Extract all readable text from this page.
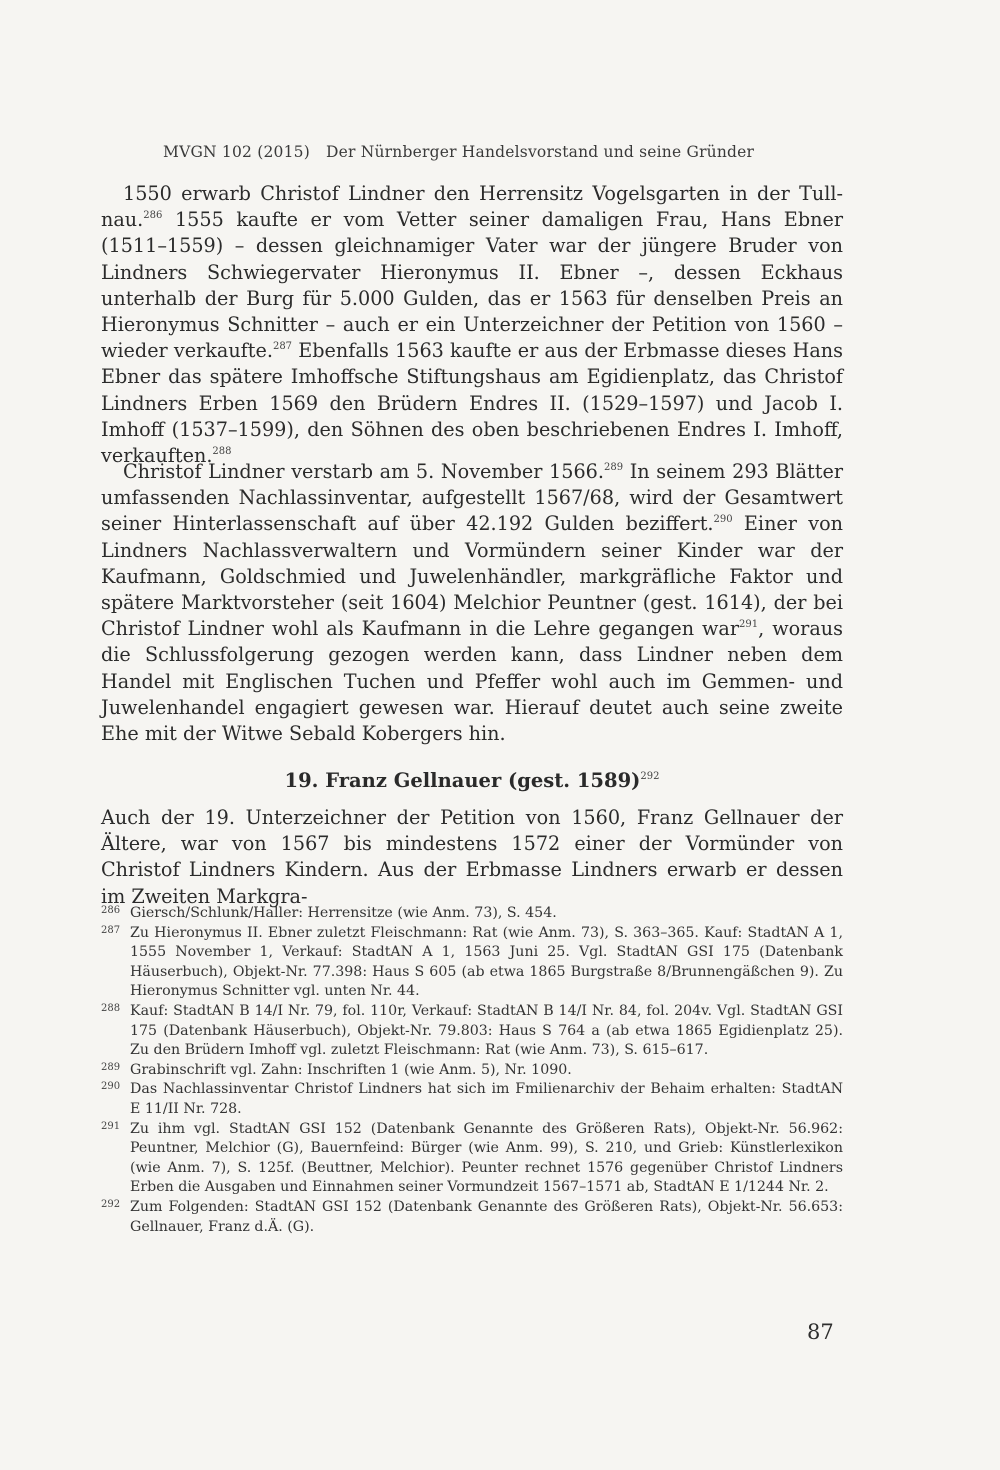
MVGN 102 (2015) Der Nürnberger Handelsvorstand und seine Gründer

1550 erwarb Christof Lindner den Herrensitz Vogelsgarten in der Tullnau.$^{286}$ 1555 kaufte er vom Vetter seiner damaligen Frau, Hans Ebner (1511–1559) – dessen gleichnamiger Vater war der jüngere Bruder von Lindners Schwiegervater Hieronymus II. Ebner –, dessen Eckhaus unterhalb der Burg für 5.000 Gulden, das er 1563 für denselben Preis an Hieronymus Schnitter – auch er ein Unterzeichner der Petition von 1560 – wieder verkaufte.$^{287}$ Ebenfalls 1563 kaufte er aus der Erbmasse dieses Hans Ebner das spätere Imhoffsche Stiftungshaus am Egidienplatz, das Christof Lindners Erben 1569 den Brüdern Endres II. (1529–1597) und Jacob I. Imhoff (1537–1599), den Söhnen des oben beschriebenen Endres I. Imhoff, verkauften.$^{288}$

Christof Lindner verstarb am 5. November 1566.$^{289}$ In seinem 293 Blätter umfassenden Nachlassinventar, aufgestellt 1567/68, wird der Gesamtwert seiner Hinterlassenschaft auf über 42.192 Gulden beziffert.$^{290}$ Einer von Lindners Nachlassverwaltern und Vormündern seiner Kinder war der Kaufmann, Goldschmied und Juwelenhändler, markgräfliche Faktor und spätere Marktvorsteher (seit 1604) Melchior Peuntner (gest. 1614), der bei Christof Lindner wohl als Kaufmann in die Lehre gegangen war$^{291}$, woraus die Schlussfolgerung gezogen werden kann, dass Lindner neben dem Handel mit Englischen Tuchen und Pfeffer wohl auch im Gemmen- und Juwelenhandel engagiert gewesen war. Hierauf deutet auch seine zweite Ehe mit der Witwe Sebald Kobergers hin.

19. Franz Gellnauer (gest. 1589)$^{292}$

Auch der 19. Unterzeichner der Petition von 1560, Franz Gellnauer der Ältere, war von 1567 bis mindestens 1572 einer der Vormünder von Christof Lindners Kindern. Aus der Erbmasse Lindners erwarb er dessen im Zweiten Markgra-

286 Giersch/Schlunk/Haller: Herrensitze (wie Anm. 73), S. 454.
287 Zu Hieronymus II. Ebner zuletzt Fleischmann: Rat (wie Anm. 73), S. 363–365. Kauf: StadtAN A 1, 1555 November 1, Verkauf: StadtAN A 1, 1563 Juni 25. Vgl. StadtAN GSI 175 (Datenbank Häuserbuch), Objekt-Nr. 77.398: Haus S 605 (ab etwa 1865 Burgstraße 8/Brunnengäßchen 9). Zu Hieronymus Schnitter vgl. unten Nr. 44.
288 Kauf: StadtAN B 14/I Nr. 79, fol. 110r, Verkauf: StadtAN B 14/I Nr. 84, fol. 204v. Vgl. StadtAN GSI 175 (Datenbank Häuserbuch), Objekt-Nr. 79.803: Haus S 764 a (ab etwa 1865 Egidienplatz 25). Zu den Brüdern Imhoff vgl. zuletzt Fleischmann: Rat (wie Anm. 73), S. 615–617.
289 Grabinschrift vgl. Zahn: Inschriften 1 (wie Anm. 5), Nr. 1090.
290 Das Nachlassinventar Christof Lindners hat sich im Fmilienarchiv der Behaim erhalten: StadtAN E 11/II Nr. 728.
291 Zu ihm vgl. StadtAN GSI 152 (Datenbank Genannte des Größeren Rats), Objekt-Nr. 56.962: Peuntner, Melchior (G), Bauernfeind: Bürger (wie Anm. 99), S. 210, und Grieb: Künstlerlexikon (wie Anm. 7), S. 125f. (Beuttner, Melchior). Peunter rechnet 1576 gegenüber Christof Lindners Erben die Ausgaben und Einnahmen seiner Vormundzeit 1567–1571 ab, StadtAN E 1/1244 Nr. 2.
292 Zum Folgenden: StadtAN GSI 152 (Datenbank Genannte des Größeren Rats), Objekt-Nr. 56.653: Gellnauer, Franz d.Ä. (G).
87
